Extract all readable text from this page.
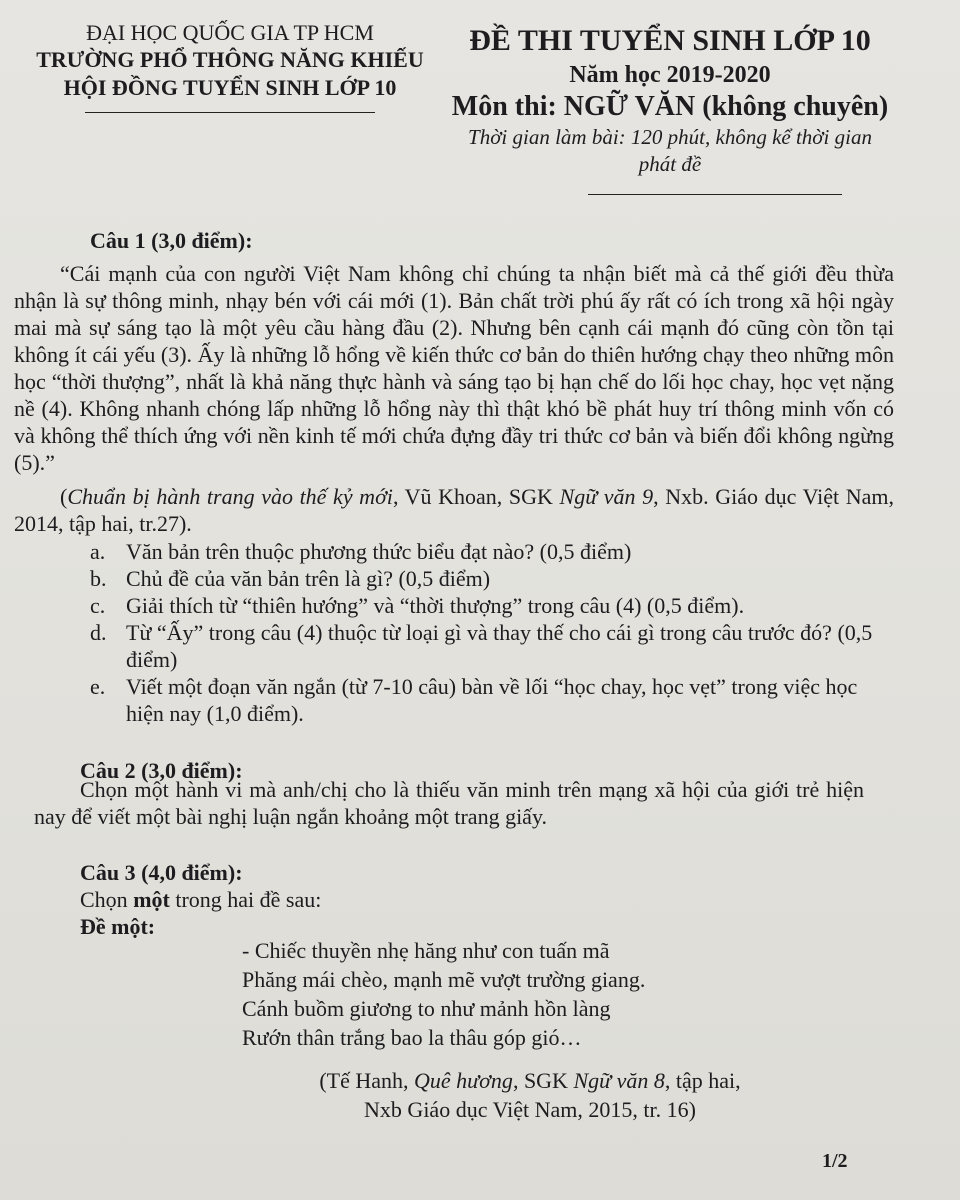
ĐẠI HỌC QUỐC GIA TP HCM
TRƯỜNG PHỔ THÔNG NĂNG KHIẾU
HỘI ĐỒNG TUYỂN SINH LỚP 10
ĐỀ THI TUYỂN SINH LỚP 10
Năm học 2019-2020
Môn thi: NGỮ VĂN (không chuyên)
Thời gian làm bài: 120 phút, không kể thời gian phát đề
Câu 1 (3,0 điểm):
“Cái mạnh của con người Việt Nam không chỉ chúng ta nhận biết mà cả thế giới đều thừa nhận là sự thông minh, nhạy bén với cái mới (1). Bản chất trời phú ấy rất có ích trong xã hội ngày mai mà sự sáng tạo là một yêu cầu hàng đầu (2). Nhưng bên cạnh cái mạnh đó cũng còn tồn tại không ít cái yếu (3). Ấy là những lỗ hổng về kiến thức cơ bản do thiên hướng chạy theo những môn học “thời thượng”, nhất là khả năng thực hành và sáng tạo bị hạn chế do lối học chay, học vẹt nặng nề (4). Không nhanh chóng lấp những lỗ hổng này thì thật khó bề phát huy trí thông minh vốn có và không thể thích ứng với nền kinh tế mới chứa đựng đầy tri thức cơ bản và biến đổi không ngừng (5).”
(Chuẩn bị hành trang vào thế kỷ mới, Vũ Khoan, SGK Ngữ văn 9, Nxb. Giáo dục Việt Nam, 2014, tập hai, tr.27).
a. Văn bản trên thuộc phương thức biểu đạt nào? (0,5 điểm)
b. Chủ đề của văn bản trên là gì? (0,5 điểm)
c. Giải thích từ “thiên hướng” và “thời thượng” trong câu (4) (0,5 điểm).
d. Từ “Ấy” trong câu (4) thuộc từ loại gì và thay thế cho cái gì trong câu trước đó? (0,5 điểm)
e. Viết một đoạn văn ngắn (từ 7-10 câu) bàn về lối “học chay, học vẹt” trong việc học hiện nay (1,0 điểm).
Câu 2 (3,0 điểm):
Chọn một hành vi mà anh/chị cho là thiếu văn minh trên mạng xã hội của giới trẻ hiện nay để viết một bài nghị luận ngắn khoảng một trang giấy.
Câu 3 (4,0 điểm):
Chọn một trong hai đề sau:
Đề một:
- Chiếc thuyền nhẹ hăng như con tuấn mã
Phăng mái chèo, mạnh mẽ vượt trường giang.
Cánh buồm giương to như mảnh hồn làng
Rướn thân trắng bao la thâu góp gió…
(Tế Hanh, Quê hương, SGK Ngữ văn 8, tập hai,
Nxb Giáo dục Việt Nam, 2015, tr. 16)
1/2
